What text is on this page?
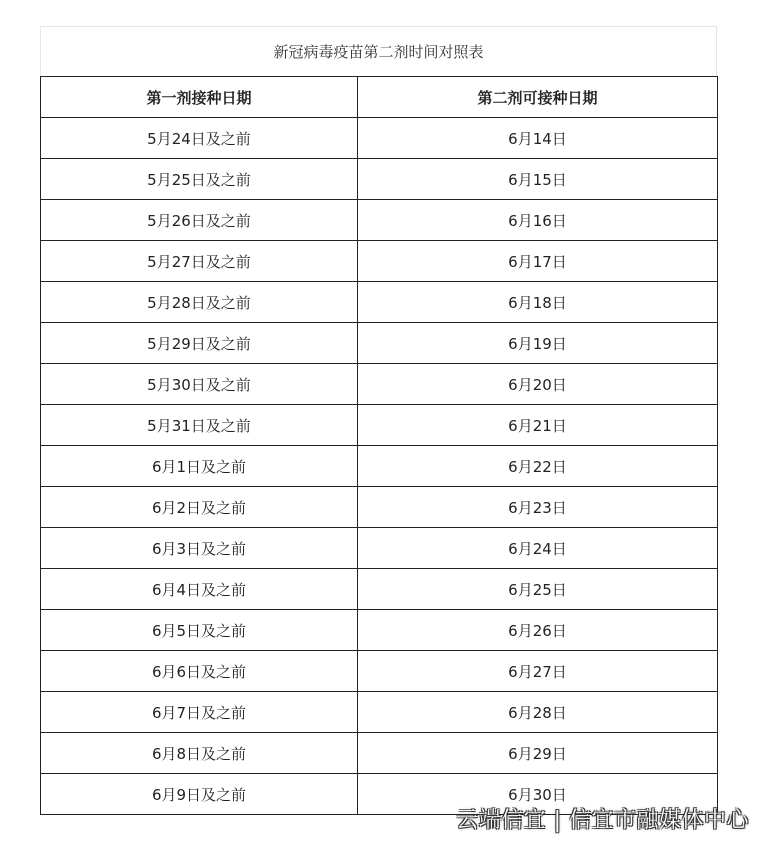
新冠病毒疫苗第二剂时间对照表
第一剂接种日期	第二剂可接种日期
5月24日及之前	6月14日
5月25日及之前	6月15日
5月26日及之前	6月16日
5月27日及之前	6月17日
5月28日及之前	6月18日
5月29日及之前	6月19日
5月30日及之前	6月20日
5月31日及之前	6月21日
6月1日及之前	6月22日
6月2日及之前	6月23日
6月3日及之前	6月24日
6月4日及之前	6月25日
6月5日及之前	6月26日
6月6日及之前	6月27日
6月7日及之前	6月28日
6月8日及之前	6月29日
6月9日及之前	6月30日
云端信宜 | 信宜市融媒体中心
